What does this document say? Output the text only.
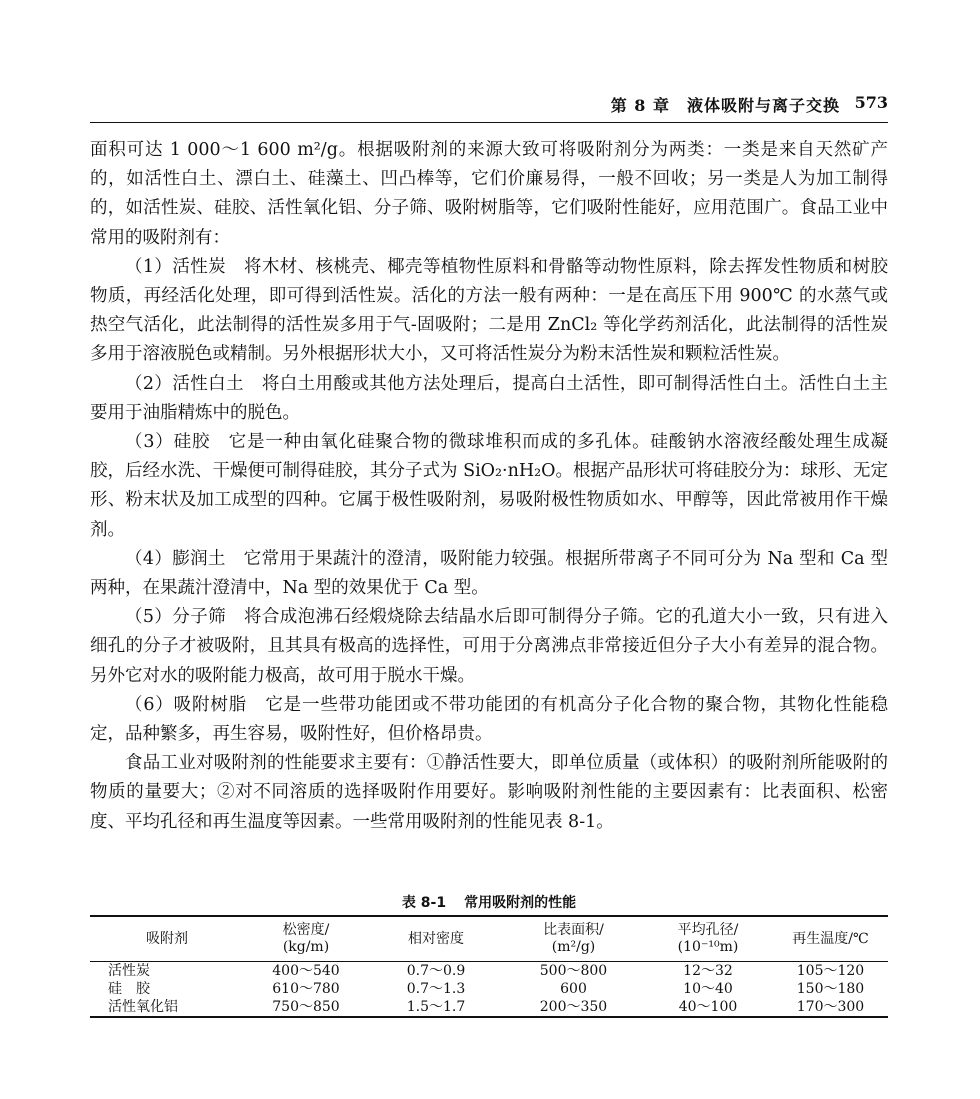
第 8 章　液体吸附与离子交换 573

面积可达 1 000～1 600 m²/g。根据吸附剂的来源大致可将吸附剂分为两类：一类是来自天然矿产的，如活性白土、漂白土、硅藻土、凹凸棒等，它们价廉易得，一般不回收；另一类是人为加工制得的，如活性炭、硅胶、活性氧化铝、分子筛、吸附树脂等，它们吸附性能好，应用范围广。食品工业中常用的吸附剂有：

（1）活性炭　将木材、核桃壳、椰壳等植物性原料和骨骼等动物性原料，除去挥发性物质和树胶物质，再经活化处理，即可得到活性炭。活化的方法一般有两种：一是在高压下用 900℃ 的水蒸气或热空气活化，此法制得的活性炭多用于气-固吸附；二是用 ZnCl₂ 等化学药剂活化，此法制得的活性炭多用于溶液脱色或精制。另外根据形状大小，又可将活性炭分为粉末活性炭和颗粒活性炭。

（2）活性白土　将白土用酸或其他方法处理后，提高白土活性，即可制得活性白土。活性白土主要用于油脂精炼中的脱色。

（3）硅胶　它是一种由氧化硅聚合物的微球堆积而成的多孔体。硅酸钠水溶液经酸处理生成凝胶，后经水洗、干燥便可制得硅胶，其分子式为 SiO₂·nH₂O。根据产品形状可将硅胶分为：球形、无定形、粉末状及加工成型的四种。它属于极性吸附剂，易吸附极性物质如水、甲醇等，因此常被用作干燥剂。

（4）膨润土　它常用于果蔬汁的澄清，吸附能力较强。根据所带离子不同可分为 Na 型和 Ca 型两种，在果蔬汁澄清中，Na 型的效果优于 Ca 型。

（5）分子筛　将合成泡沸石经煅烧除去结晶水后即可制得分子筛。它的孔道大小一致，只有进入细孔的分子才被吸附，且其具有极高的选择性，可用于分离沸点非常接近但分子大小有差异的混合物。另外它对水的吸附能力极高，故可用于脱水干燥。

（6）吸附树脂　它是一些带功能团或不带功能团的有机高分子化合物的聚合物，其物化性能稳定，品种繁多，再生容易，吸附性好，但价格昂贵。

食品工业对吸附剂的性能要求主要有：①静活性要大，即单位质量（或体积）的吸附剂所能吸附的物质的量要大；②对不同溶质的选择吸附作用要好。影响吸附剂性能的主要因素有：比表面积、松密度、平均孔径和再生温度等因素。一些常用吸附剂的性能见表 8-1。

表 8-1 常用吸附剂的性能
吸附剂	松密度/
(kg/m)	相对密度	比表面积/
(m²/g)	平均孔径/
(10⁻¹⁰m)	再生温度/℃
活性炭	400～540	0.7～0.9	500～800	12～32	105～120
硅　胶	610～780	0.7～1.3	600	10～40	150～180
活性氧化铝	750～850	1.5～1.7	200～350	40～100	170～300
